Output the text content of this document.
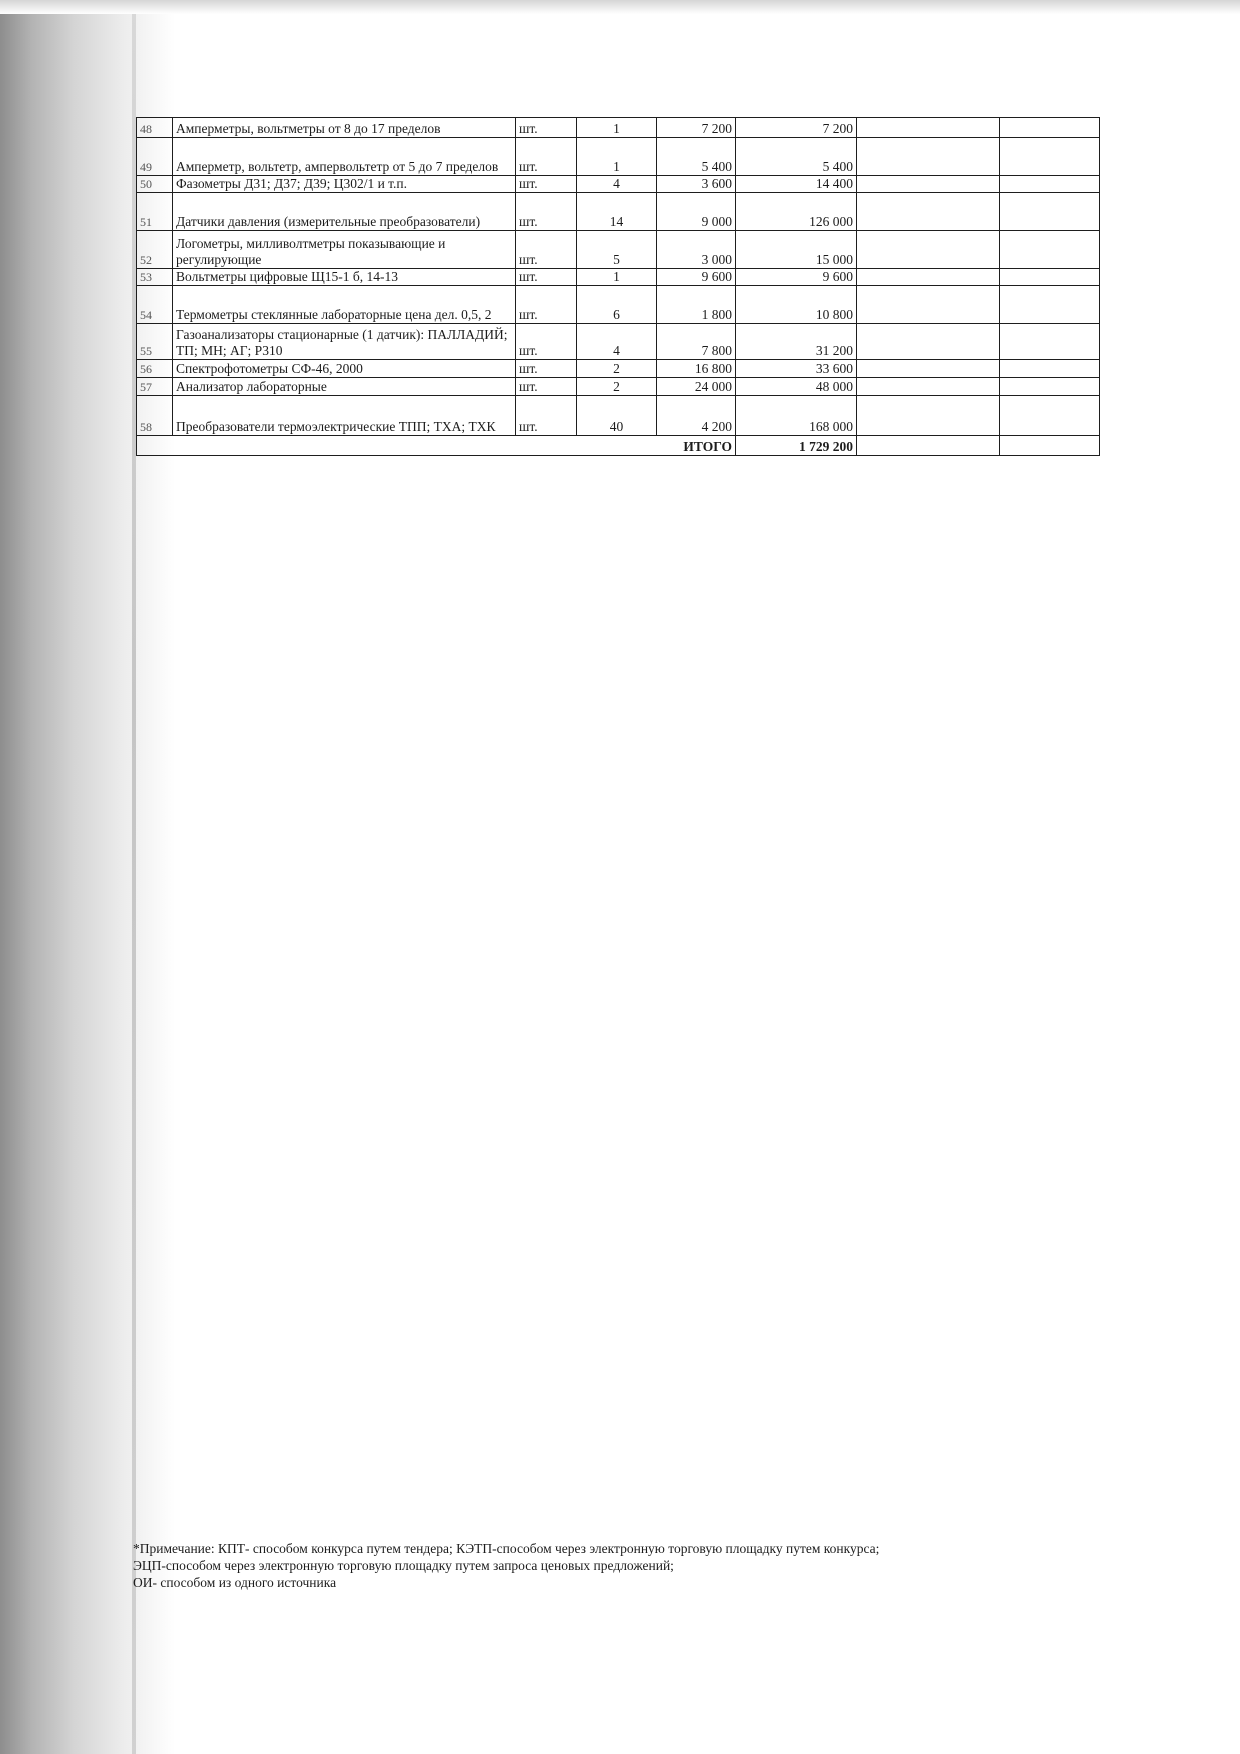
48	Амперметры, вольтметры от 8 до 17 пределов	шт.	1	7 200	7 200		
49	Амперметр, вольтетр, ампервольтетр от 5 до 7 пределов	шт.	1	5 400	5 400		
50	Фазометры Д31; Д37; Д39; Ц302/1 и т.п.	шт.	4	3 600	14 400		
51	Датчики давления (измерительные преобразователи)	шт.	14	9 000	126 000		
52	Логометры, милливолтметры показывающие и регулирующие	шт.	5	3 000	15 000		
53	Вольтметры цифровые Щ15-1 б, 14-13	шт.	1	9 600	9 600		
54	Термометры стеклянные лабораторные цена дел. 0,5, 2	шт.	6	1 800	10 800		
55	Газоанализаторы стационарные (1 датчик): ПАЛЛАДИЙ; ТП; МН; АГ; Р310	шт.	4	7 800	31 200		
56	Спектрофотометры СФ-46, 2000	шт.	2	16 800	33 600		
57	Анализатор лабораторные	шт.	2	24 000	48 000		
58	Преобразователи термоэлектрические ТПП; ТХА; ТХК	шт.	40	4 200	168 000		
			ИТОГО		1 729 200		
*Примечание: КПТ- способом конкурса путем тендера; КЭТП-способом через электронную торговую площадку путем конкурса;
ЭЦП-способом через электронную торговую площадку путем запроса ценовых предложений;
ОИ- способом из одного источника
